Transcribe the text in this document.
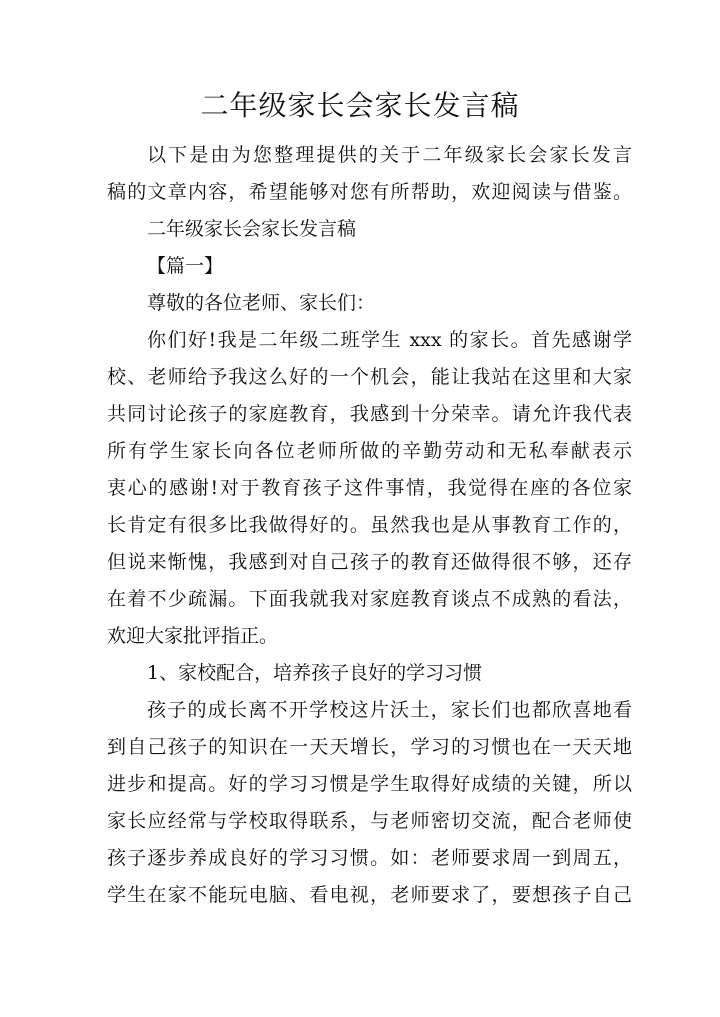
二年级家长会家长发言稿
以下是由为您整理提供的关于二年级家长会家长发言
稿的文章内容，希望能够对您有所帮助，欢迎阅读与借鉴。
二年级家长会家长发言稿
【篇一】
尊敬的各位老师、家长们：
你们好!我是二年级二班学生 xxx 的家长。首先感谢学
校、老师给予我这么好的一个机会，能让我站在这里和大家
共同讨论孩子的家庭教育，我感到十分荣幸。请允许我代表
所有学生家长向各位老师所做的辛勤劳动和无私奉献表示
衷心的感谢!对于教育孩子这件事情，我觉得在座的各位家
长肯定有很多比我做得好的。虽然我也是从事教育工作的，
但说来惭愧，我感到对自己孩子的教育还做得很不够，还存
在着不少疏漏。下面我就我对家庭教育谈点不成熟的看法，
欢迎大家批评指正。
1、家校配合，培养孩子良好的学习习惯
孩子的成长离不开学校这片沃土，家长们也都欣喜地看
到自己孩子的知识在一天天增长，学习的习惯也在一天天地
进步和提高。好的学习习惯是学生取得好成绩的关键，所以
家长应经常与学校取得联系，与老师密切交流，配合老师使
孩子逐步养成良好的学习习惯。如：老师要求周一到周五，
学生在家不能玩电脑、看电视，老师要求了，要想孩子自己
